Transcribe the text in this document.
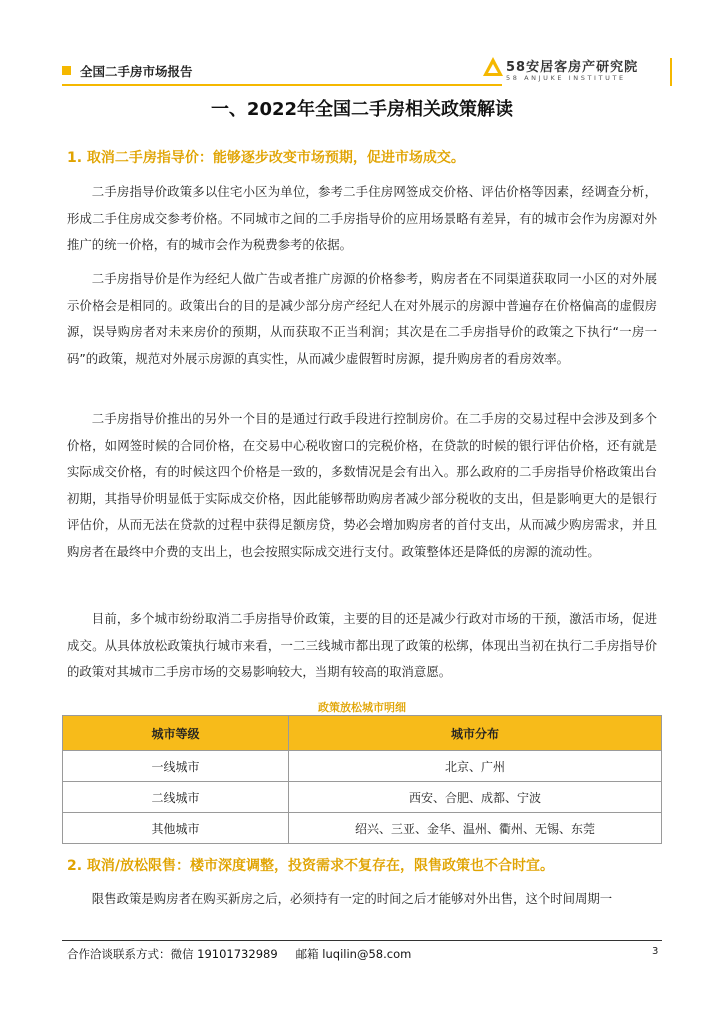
全国二手房市场报告	58安居客房产研究院
58 ANJUKE INSTITUTE
一、2022年全国二手房相关政策解读
1. 取消二手房指导价：能够逐步改变市场预期，促进市场成交。
二手房指导价政策多以住宅小区为单位，参考二手住房网签成交价格、评估价格等因素，经调查分析，形成二手住房成交参考价格。不同城市之间的二手房指导价的应用场景略有差异，有的城市会作为房源对外推广的统一价格，有的城市会作为税费参考的依据。
二手房指导价是作为经纪人做广告或者推广房源的价格参考，购房者在不同渠道获取同一小区的对外展示价格会是相同的。政策出台的目的是减少部分房产经纪人在对外展示的房源中普遍存在价格偏高的虚假房源，误导购房者对未来房价的预期，从而获取不正当利润；其次是在二手房指导价的政策之下执行“一房一码”的政策，规范对外展示房源的真实性，从而减少虚假暂时房源，提升购房者的看房效率。
二手房指导价推出的另外一个目的是通过行政手段进行控制房价。在二手房的交易过程中会涉及到多个价格，如网签时候的合同价格，在交易中心税收窗口的完税价格，在贷款的时候的银行评估价格，还有就是实际成交价格，有的时候这四个价格是一致的，多数情况是会有出入。那么政府的二手房指导价格政策出台初期，其指导价明显低于实际成交价格，因此能够帮助购房者减少部分税收的支出，但是影响更大的是银行评估价，从而无法在贷款的过程中获得足额房贷，势必会增加购房者的首付支出，从而减少购房需求，并且购房者在最终中介费的支出上，也会按照实际成交进行支付。政策整体还是降低的房源的流动性。
目前，多个城市纷纷取消二手房指导价政策，主要的目的还是减少行政对市场的干预，激活市场，促进成交。从具体放松政策执行城市来看，一二三线城市都出现了政策的松绑，体现出当初在执行二手房指导价的政策对其城市二手房市场的交易影响较大，当期有较高的取消意愿。
政策放松城市明细
城市等级	城市分布
一线城市	北京、广州
二线城市	西安、合肥、成都、宁波
其他城市	绍兴、三亚、金华、温州、衢州、无锡、东莞
2. 取消/放松限售：楼市深度调整，投资需求不复存在，限售政策也不合时宜。
限售政策是购房者在购买新房之后，必须持有一定的时间之后才能够对外出售，这个时间周期一
合作洽谈联系方式：微信 19101732989 邮箱 luqilin@58.com	3
